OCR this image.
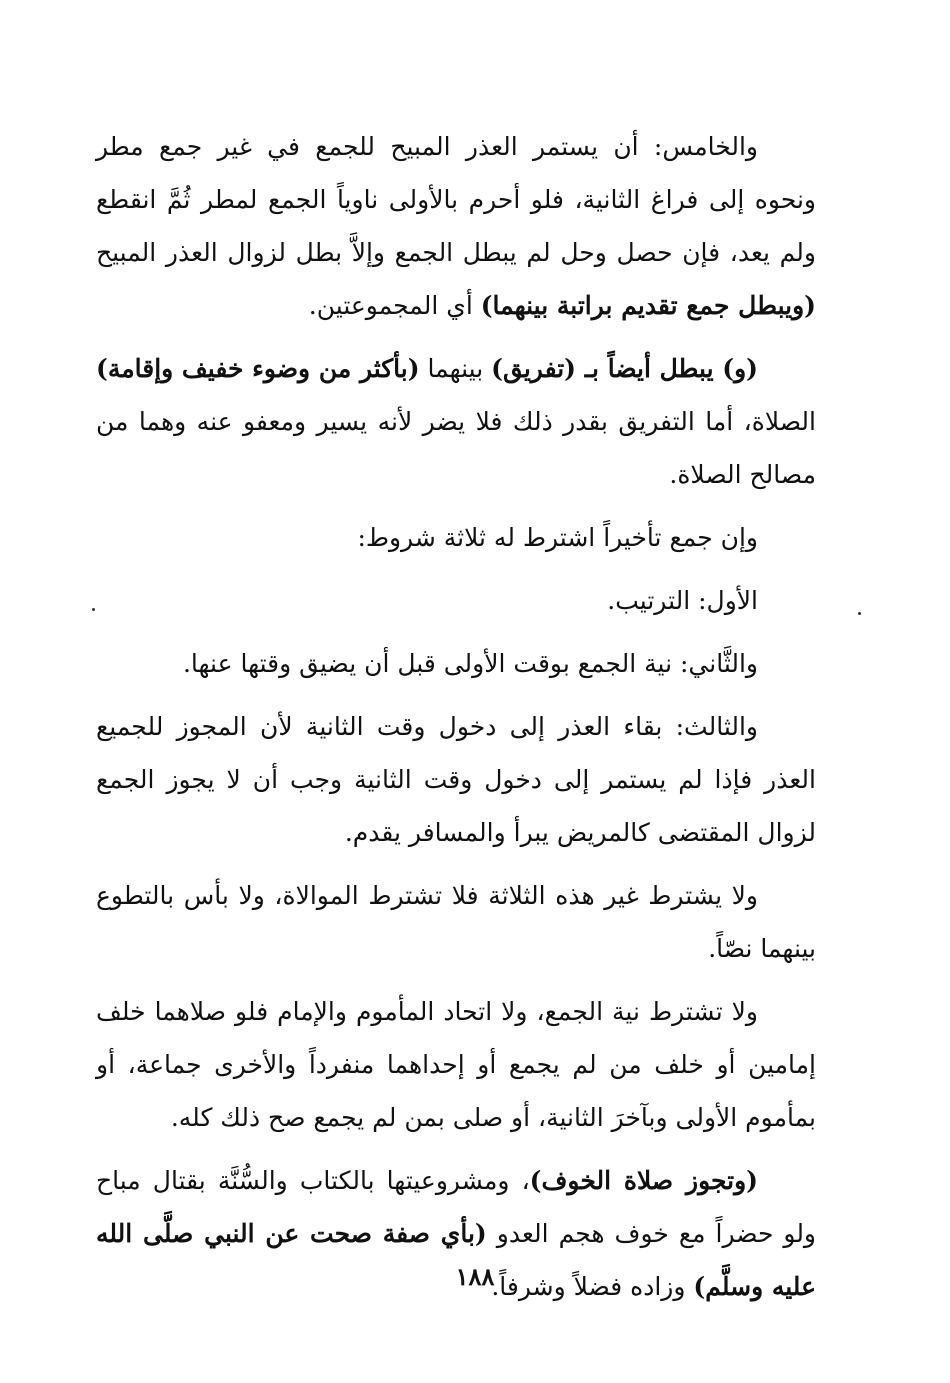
والخامس: أن يستمر العذر المبيح للجمع في غير جمع مطر ونحوه إلى فراغ الثانية، فلو أحرم بالأولى ناوياً الجمع لمطر ثُمَّ انقطع ولم يعد، فإن حصل وحل لم يبطل الجمع وإلاَّ بطل لزوال العذر المبيح (ويبطل جمع تقديم براتبة بينهما) أي المجموعتين.

(و) يبطل أيضاً بـ (تفريق) بينهما (بأكثر من وضوء خفيف وإقامة) الصلاة، أما التفريق بقدر ذلك فلا يضر لأنه يسير ومعفو عنه وهما من مصالح الصلاة.

وإن جمع تأخيراً اشترط له ثلاثة شروط:

الأول: الترتيب.

والثَّاني: نية الجمع بوقت الأولى قبل أن يضيق وقتها عنها.

والثالث: بقاء العذر إلى دخول وقت الثانية لأن المجوز للجميع العذر فإذا لم يستمر إلى دخول وقت الثانية وجب أن لا يجوز الجمع لزوال المقتضى كالمريض يبرأ والمسافر يقدم.

ولا يشترط غير هذه الثلاثة فلا تشترط الموالاة، ولا بأس بالتطوع بينهما نصّاً.

ولا تشترط نية الجمع، ولا اتحاد المأموم والإمام فلو صلاهما خلف إمامين أو خلف من لم يجمع أو إحداهما منفرداً والأخرى جماعة، أو بمأموم الأولى وبآخرَ الثانية، أو صلى بمن لم يجمع صح ذلك كله.

(وتجوز صلاة الخوف)، ومشروعيتها بالكتاب والسُّنَّة بقتال مباح ولو حضراً مع خوف هجم العدو (بأي صفة صحت عن النبي صلَّى الله عليه وسلَّم) وزاده فضلاً وشرفاً.

١٨٨
